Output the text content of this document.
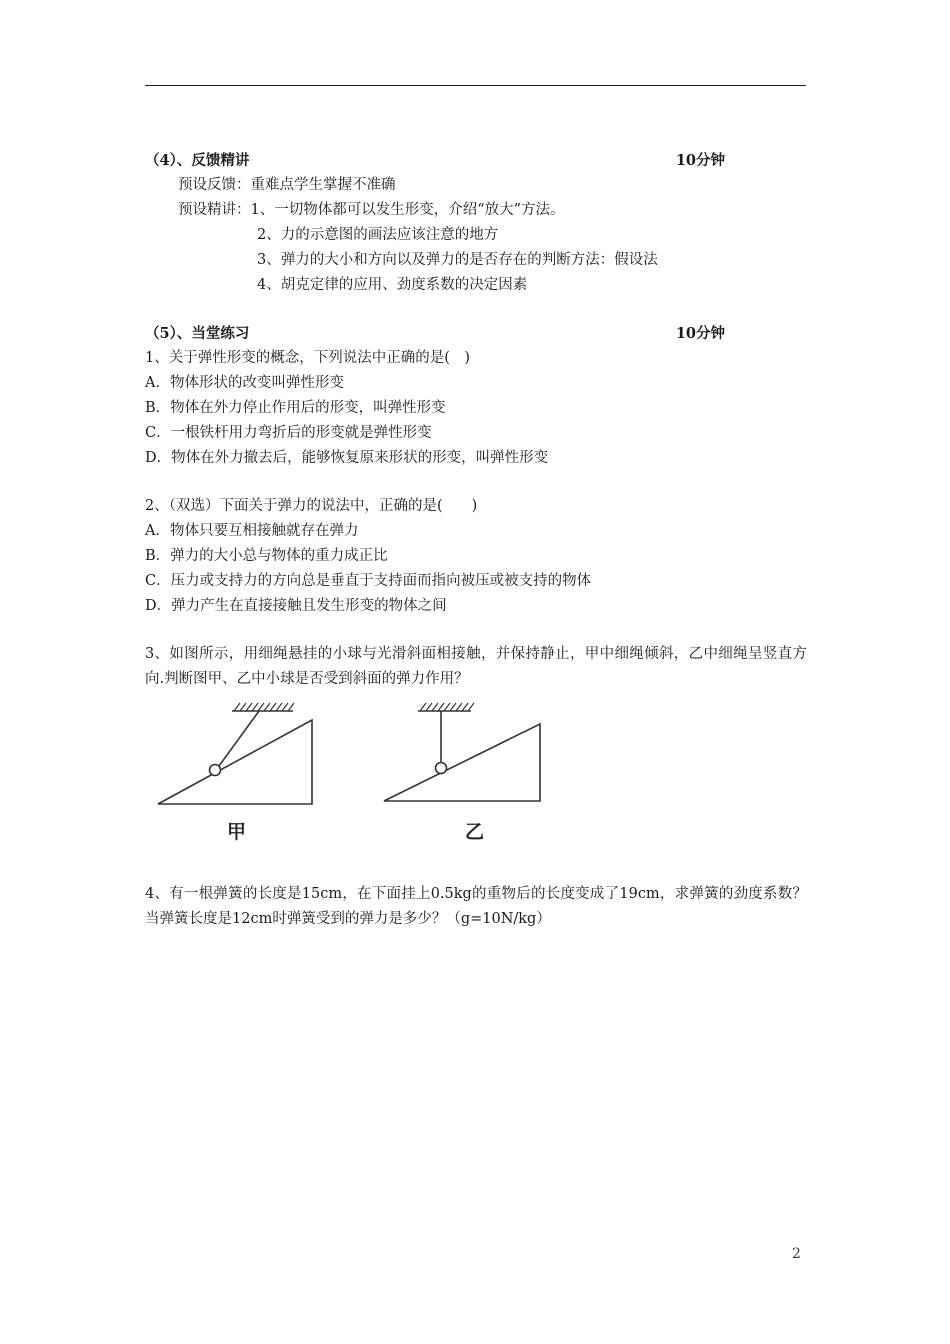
（4）、反馈精讲	10分钟
预设反馈：重难点学生掌握不准确
预设精讲：1、一切物体都可以发生形变，介绍“放大”方法。
2、力的示意图的画法应该注意的地方
3、弹力的大小和方向以及弹力的是否存在的判断方法：假设法
4、胡克定律的应用、劲度系数的决定因素
（5）、当堂练习	10分钟
1、关于弹性形变的概念，下列说法中正确的是(　)
A．物体形状的改变叫弹性形变
B．物体在外力停止作用后的形变，叫弹性形变
C．一根铁杆用力弯折后的形变就是弹性形变
D．物体在外力撤去后，能够恢复原来形状的形变，叫弹性形变
2、（双选）下面关于弹力的说法中，正确的是(　　)
A．物体只要互相接触就存在弹力
B．弹力的大小总与物体的重力成正比
C．压力或支持力的方向总是垂直于支持面而指向被压或被支持的物体
D．弹力产生在直接接触且发生形变的物体之间
3、如图所示，用细绳悬挂的小球与光滑斜面相接触，并保持静止，甲中细绳倾斜，乙中细绳呈竖直方向.判断图甲、乙中小球是否受到斜面的弹力作用？
甲	乙
4、有一根弹簧的长度是15cm，在下面挂上0.5kg的重物后的长度变成了19cm，求弹簧的劲度系数？当弹簧长度是12cm时弹簧受到的弹力是多少？（g=10N/kg）
2
